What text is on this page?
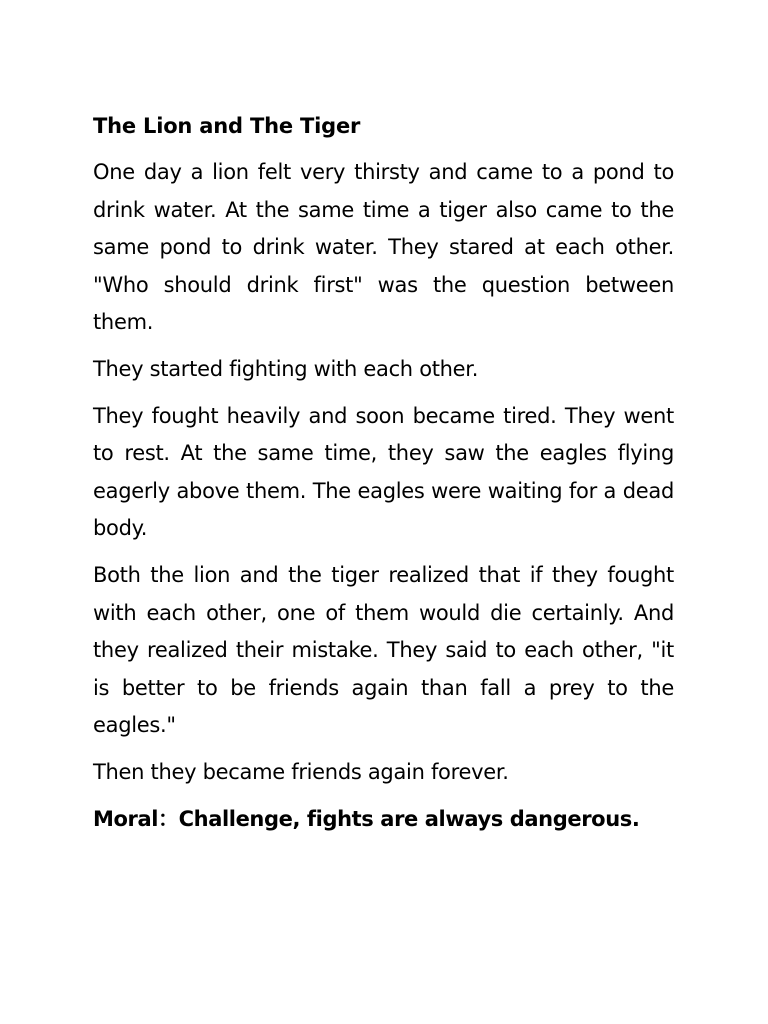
The Lion and The Tiger

One day a lion felt very thirsty and came to a pond to drink water. At the same time a tiger also came to the same pond to drink water. They stared at each other. "Who should drink first" was the question between them.

They started fighting with each other.

They fought heavily and soon became tired. They went to rest. At the same time, they saw the eagles flying eagerly above them. The eagles were waiting for a dead body.

Both the lion and the tiger realized that if they fought with each other, one of them would die certainly. And they realized their mistake. They said to each other, "it is better to be friends again than fall a prey to the eagles."

Then they became friends again forever.

Moral：Challenge, fights are always dangerous.
